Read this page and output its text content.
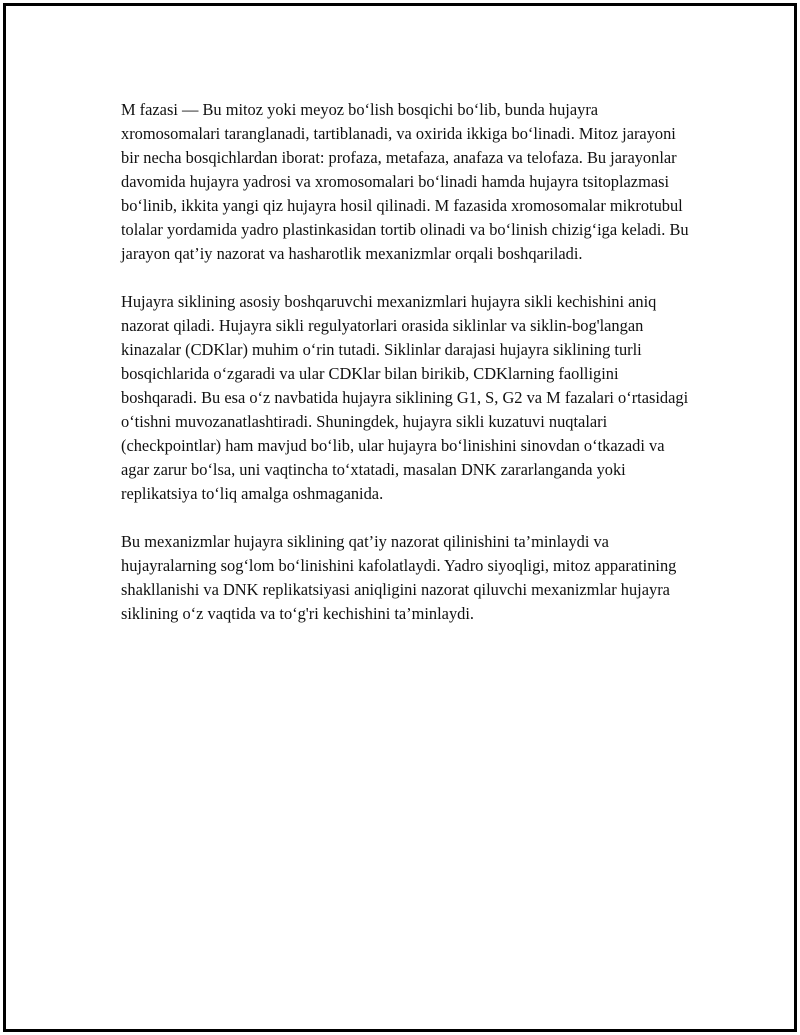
M fazasi — Bu mitoz yoki meyoz bo‘lish bosqichi bo‘lib, bunda hujayra xromosomalari taranglanadi, tartiblanadi, va oxirida ikkiga bo‘linadi. Mitoz jarayoni bir necha bosqichlardan iborat: profaza, metafaza, anafaza va telofaza. Bu jarayonlar davomida hujayra yadrosi va xromosomalari bo‘linadi hamda hujayra tsitoplazmasi bo‘linib, ikkita yangi qiz hujayra hosil qilinadi. M fazasida xromosomalar mikrotubul tolalar yordamida yadro plastinkasidan tortib olinadi va bo‘linish chizig‘iga keladi. Bu jarayon qat’iy nazorat va hasharotlik mexanizmlar orqali boshqariladi.

Hujayra siklining asosiy boshqaruvchi mexanizmlari hujayra sikli kechishini aniq nazorat qiladi. Hujayra sikli regulyatorlari orasida siklinlar va siklin-bog'langan kinazalar (CDKlar) muhim o‘rin tutadi. Siklinlar darajasi hujayra siklining turli bosqichlarida o‘zgaradi va ular CDKlar bilan birikib, CDKlarning faolligini boshqaradi. Bu esa o‘z navbatida hujayra siklining G1, S, G2 va M fazalari o‘rtasidagi o‘tishni muvozanatlashtiradi. Shuningdek, hujayra sikli kuzatuvi nuqtalari (checkpointlar) ham mavjud bo‘lib, ular hujayra bo‘linishini sinovdan o‘tkazadi va agar zarur bo‘lsa, uni vaqtincha to‘xtatadi, masalan DNK zararlanganda yoki replikatsiya to‘liq amalga oshmaganida.

Bu mexanizmlar hujayra siklining qat’iy nazorat qilinishini ta’minlaydi va hujayralarning sog‘lom bo‘linishini kafolatlaydi. Yadro siyoqligi, mitoz apparatining shakllanishi va DNK replikatsiyasi aniqligini nazorat qiluvchi mexanizmlar hujayra siklining o‘z vaqtida va to‘g'ri kechishini ta’minlaydi.
